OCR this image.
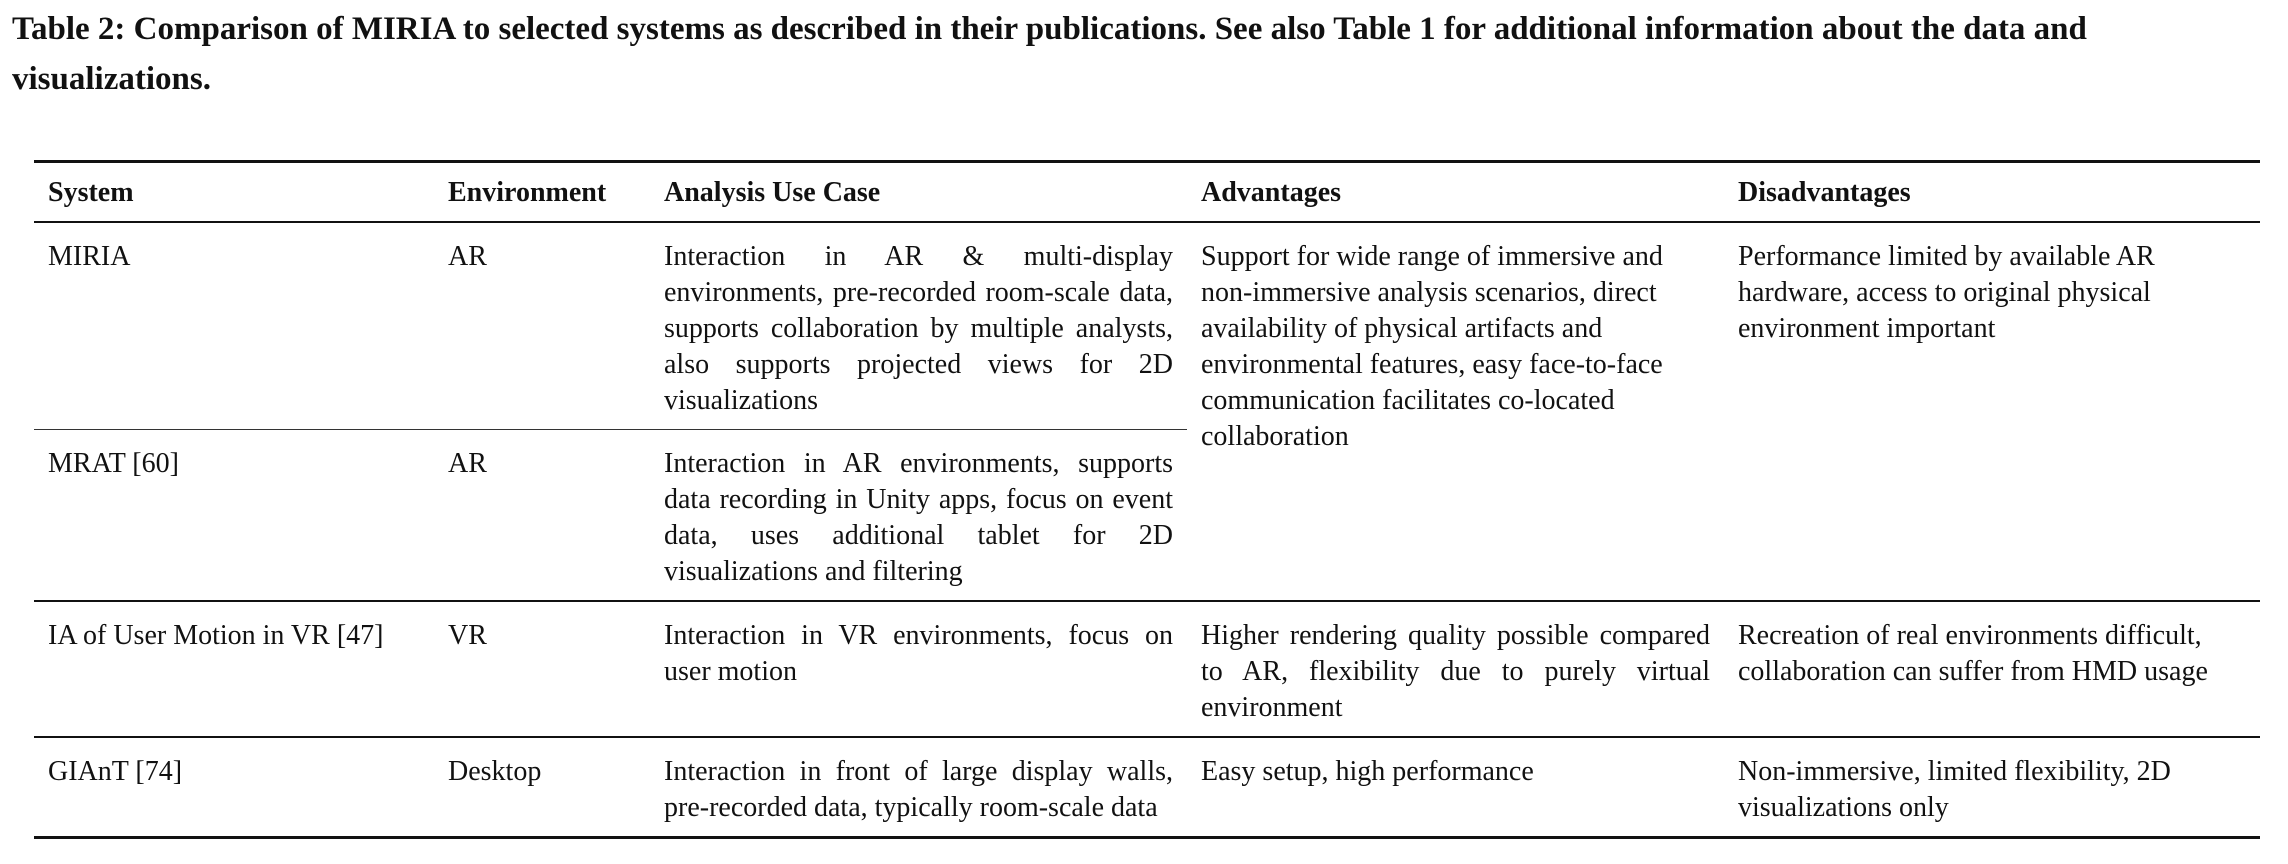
Table 2: Comparison of MIRIA to selected systems as described in their publications. See also Table 1 for additional information about the data and visualizations.
System	Environment	Analysis Use Case	Advantages	Disadvantages
MIRIA	AR	Interaction in AR & multi-display environments, pre-recorded room-scale data, supports collaboration by multiple analysts, also supports projected views for 2D visualizations	Support for wide range of immersive and non-immersive analysis scenarios, direct availability of physical artifacts and environmental features, easy face-to-face communication facilitates co-located collaboration	Performance limited by available AR hardware, access to original physical environment important
MRAT [60]	AR	Interaction in AR environments, supports data recording in Unity apps, focus on event data, uses additional tablet for 2D visualizations and filtering		
IA of User Motion in VR [47]	VR	Interaction in VR environments, focus on user motion	Higher rendering quality possible compared to AR, flexibility due to purely virtual environment	Recreation of real environments difficult, collaboration can suffer from HMD usage
GIAnT [74]	Desktop	Interaction in front of large display walls, pre-recorded data, typically room-scale data	Easy setup, high performance	Non-immersive, limited flexibility, 2D visualizations only
